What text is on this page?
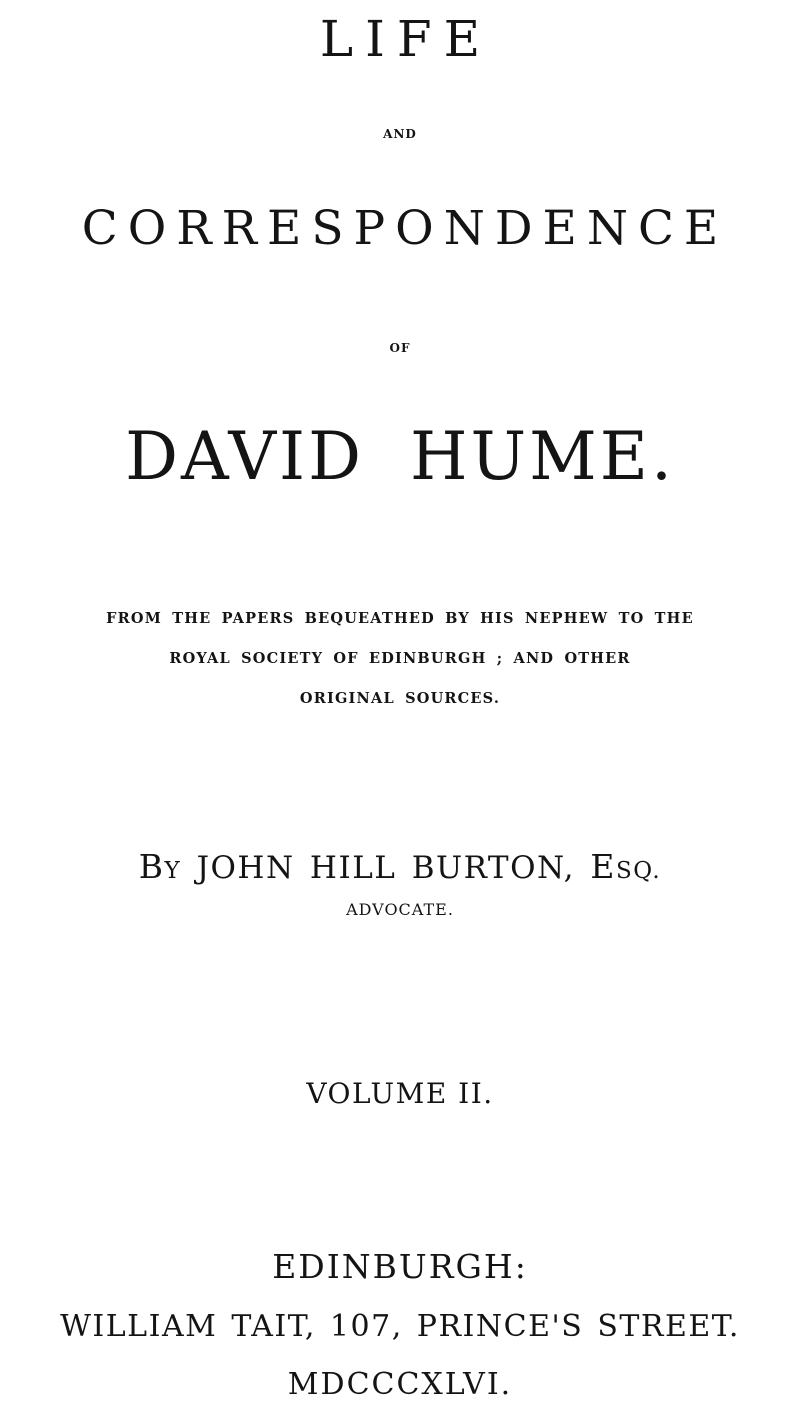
LIFE
AND
CORRESPONDENCE
OF
DAVID HUME.
FROM THE PAPERS BEQUEATHED BY HIS NEPHEW TO THE
ROYAL SOCIETY OF EDINBURGH ; AND OTHER
ORIGINAL SOURCES.
BY JOHN HILL BURTON, ESQ.
ADVOCATE.
VOLUME II.
EDINBURGH:
WILLIAM TAIT, 107, PRINCE'S STREET.
MDCCCXLVI.
